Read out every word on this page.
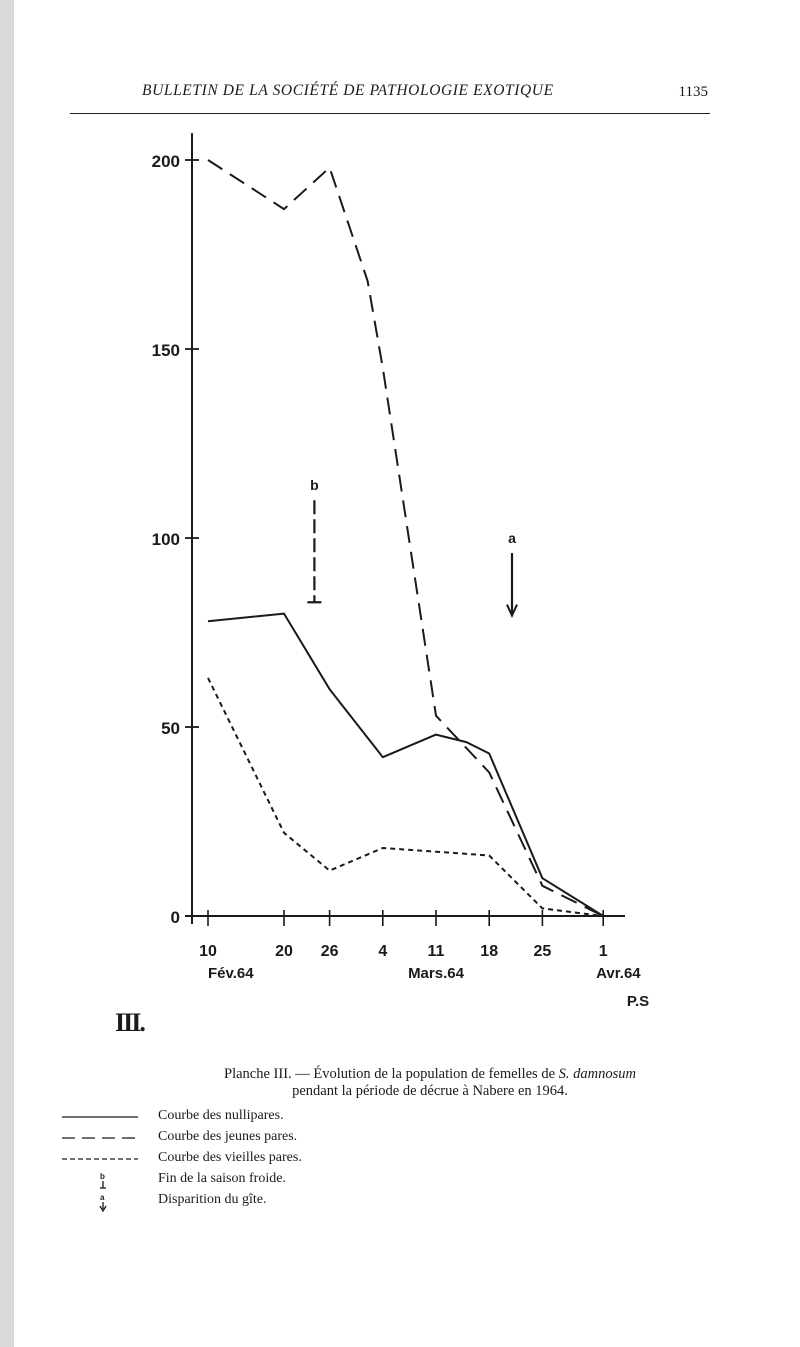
BULLETIN DE LA SOCIÉTÉ DE PATHOLOGIE EXOTIQUE	1135
0
50
100
150
200
10	20 26 4	11 18 25	1
Fév.64	Mars.64	Avr.64
P.S
b
a
III.
Planche III. — Évolution de la population de femelles de S. damnosum
pendant la période de décrue à Nabere en 1964.
Courbe des nullipares.
Courbe des jeunes pares.
Courbe des vieilles pares.
b	Fin de la saison froide.
a	Disparition du gîte.
